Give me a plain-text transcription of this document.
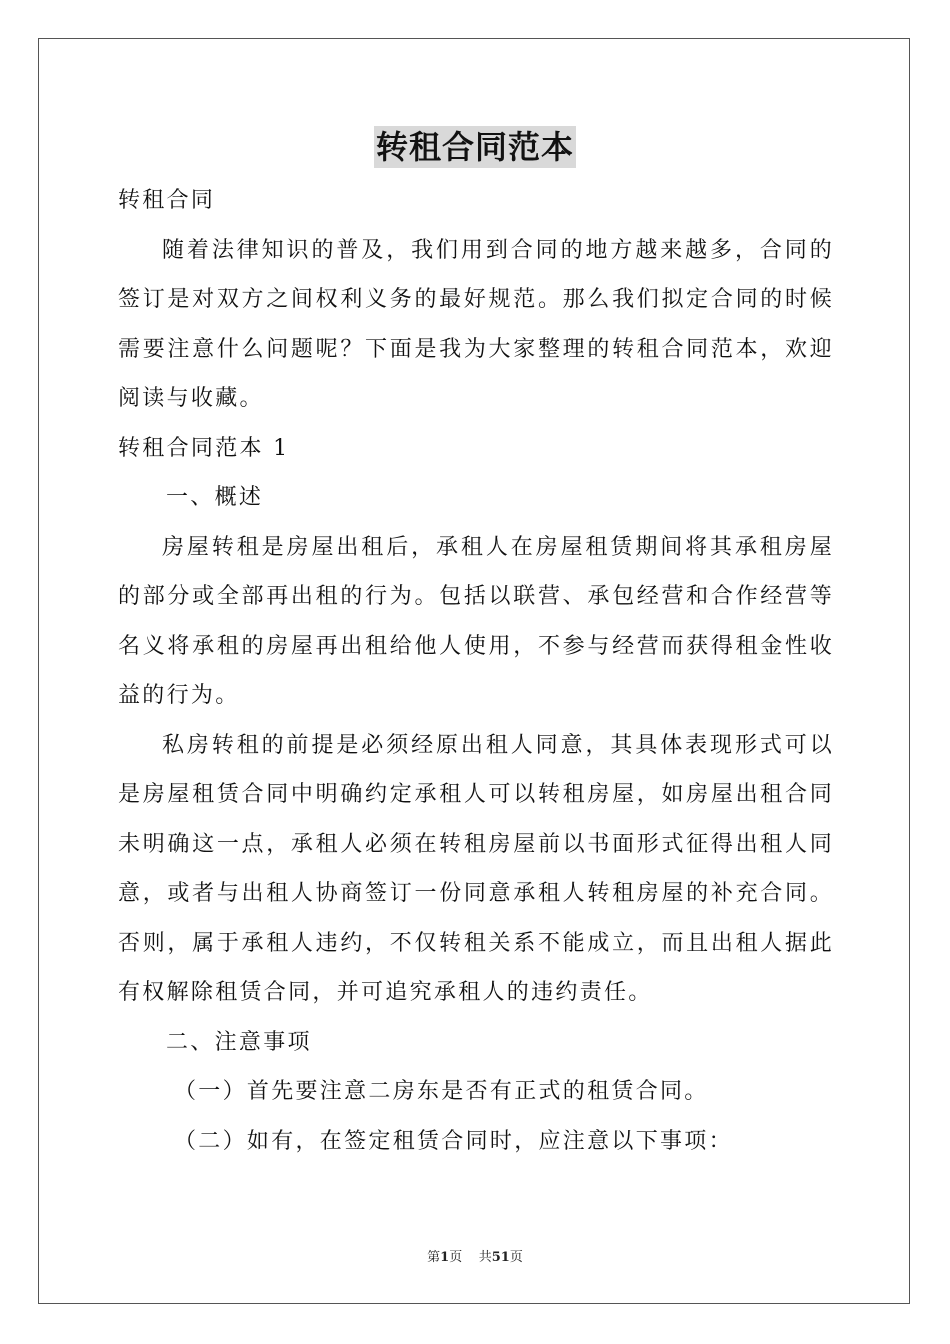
转租合同范本
转租合同

随着法律知识的普及，我们用到合同的地方越来越多，合同的签订是对双方之间权利义务的最好规范。那么我们拟定合同的时候需要注意什么问题呢？下面是我为大家整理的转租合同范本，欢迎阅读与收藏。

转租合同范本 1
一、概述

房屋转租是房屋出租后，承租人在房屋租赁期间将其承租房屋的部分或全部再出租的行为。包括以联营、承包经营和合作经营等名义将承租的房屋再出租给他人使用，不参与经营而获得租金性收益的行为。

私房转租的前提是必须经原出租人同意，其具体表现形式可以是房屋租赁合同中明确约定承租人可以转租房屋，如房屋出租合同未明确这一点，承租人必须在转租房屋前以书面形式征得出租人同意，或者与出租人协商签订一份同意承租人转租房屋的补充合同。否则，属于承租人违约，不仅转租关系不能成立，而且出租人据此有权解除租赁合同，并可追究承租人的违约责任。

二、注意事项
（一）首先要注意二房东是否有正式的租赁合同。
（二）如有，在签定租赁合同时，应注意以下事项：
第1页 共51页
